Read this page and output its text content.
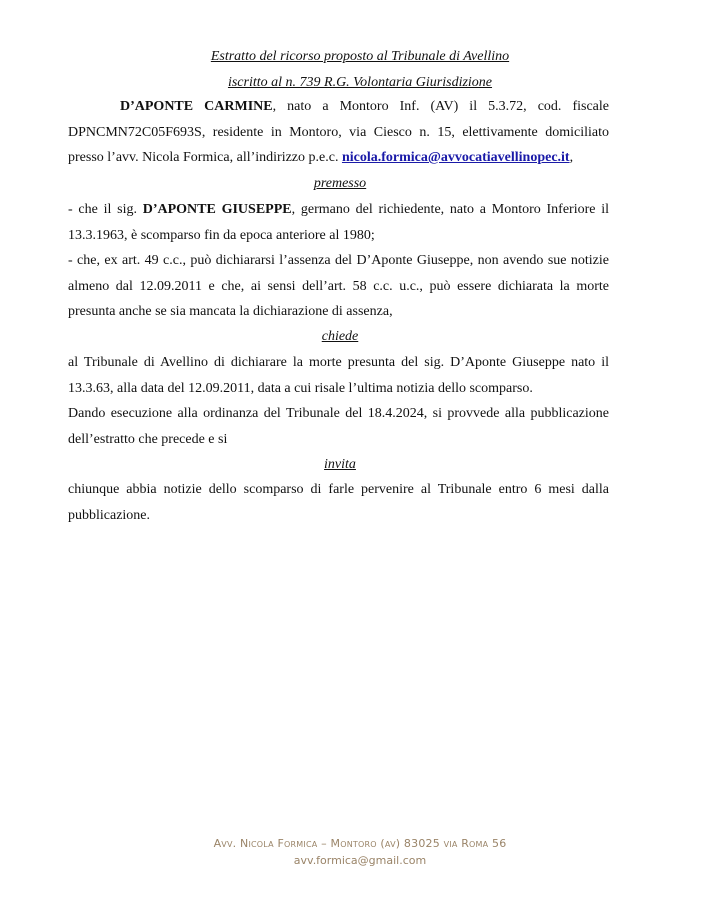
Estratto del ricorso proposto al Tribunale di Avellino
iscritto al n. 739 R.G. Volontaria Giurisdizione
D’APONTE CARMINE, nato a Montoro Inf. (AV) il 5.3.72, cod. fiscale DPNCMN72C05F693S, residente in Montoro, via Ciesco n. 15, elettivamente domiciliato presso l’avv. Nicola Formica, all’indirizzo p.e.c. nicola.formica@avvocatiavellinopec.it,
premesso
- che il sig. D’APONTE GIUSEPPE, germano del richiedente, nato a Montoro Inferiore il 13.3.1963, è scomparso fin da epoca anteriore al 1980;
- che, ex art. 49 c.c., può dichiararsi l’assenza del D’Aponte Giuseppe, non avendo sue notizie almeno dal 12.09.2011 e che, ai sensi dell’art. 58 c.c. u.c., può essere dichiarata la morte presunta anche se sia mancata la dichiarazione di assenza,
chiede
al Tribunale di Avellino di dichiarare la morte presunta del sig. D’Aponte Giuseppe nato il 13.3.63, alla data del 12.09.2011, data a cui risale l’ultima notizia dello scomparso.
Dando esecuzione alla ordinanza del Tribunale del 18.4.2024, si provvede alla pubblicazione dell’estratto che precede e si
invita
chiunque abbia notizie dello scomparso di farle pervenire al Tribunale entro 6 mesi dalla pubblicazione.
Avv. Nicola Formica – Montoro (av) 83025 via Roma 56
avv.formica@gmail.com
